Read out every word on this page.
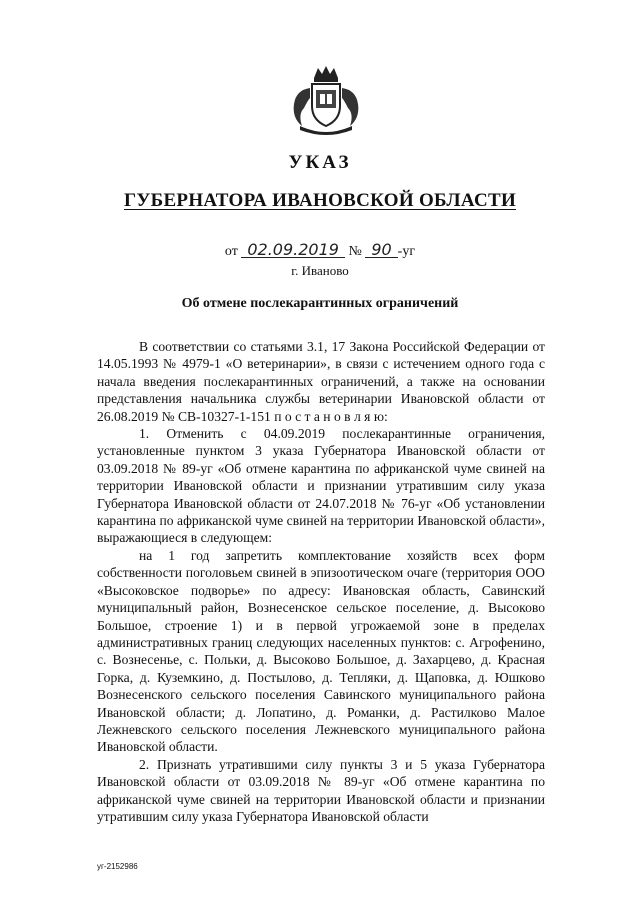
УКАЗ
ГУБЕРНАТОРА ИВАНОВСКОЙ ОБЛАСТИ
от 02.09.2019 № 90 -уг
г. Иваново
Об отмене послекарантинных ограничений

В соответствии со статьями 3.1, 17 Закона Российской Федерации от 14.05.1993 № 4979-1 «О ветеринарии», в связи с истечением одного года с начала введения послекарантинных ограничений, а также на основании представления начальника службы ветеринарии Ивановской области от 26.08.2019 № СВ-10327-1-151 п о с т а н о в л я ю:

1. Отменить с 04.09.2019 послекарантинные ограничения, установленные пунктом 3 указа Губернатора Ивановской области от 03.09.2018 № 89-уг «Об отмене карантина по африканской чуме свиней на территории Ивановской области и признании утратившим силу указа Губернатора Ивановской области от 24.07.2018 № 76-уг «Об установлении карантина по африканской чуме свиней на территории Ивановской области», выражающиеся в следующем:

на 1 год запретить комплектование хозяйств всех форм собственности поголовьем свиней в эпизоотическом очаге (территория ООО «Высоковское подворье» по адресу: Ивановская область, Савинский муниципальный район, Вознесенское сельское поселение, д. Высоково Большое, строение 1) и в первой угрожаемой зоне в пределах административных границ следующих населенных пунктов: с. Агрофенино, с. Вознесенье, с. Польки, д. Высоково Большое, д. Захарцево, д. Красная Горка, д. Куземкино, д. Постылово, д. Тепляки, д. Щаповка, д. Юшково Вознесенского сельского поселения Савинского муниципального района Ивановской области; д. Лопатино, д. Романки, д. Растилково Малое Лежневского сельского поселения Лежневского муниципального района Ивановской области.

2. Признать утратившими силу пункты 3 и 5 указа Губернатора Ивановской области от 03.09.2018 № 89-уг «Об отмене карантина по африканской чуме свиней на территории Ивановской области и признании утратившим силу указа Губернатора Ивановской области

уг-2152986
